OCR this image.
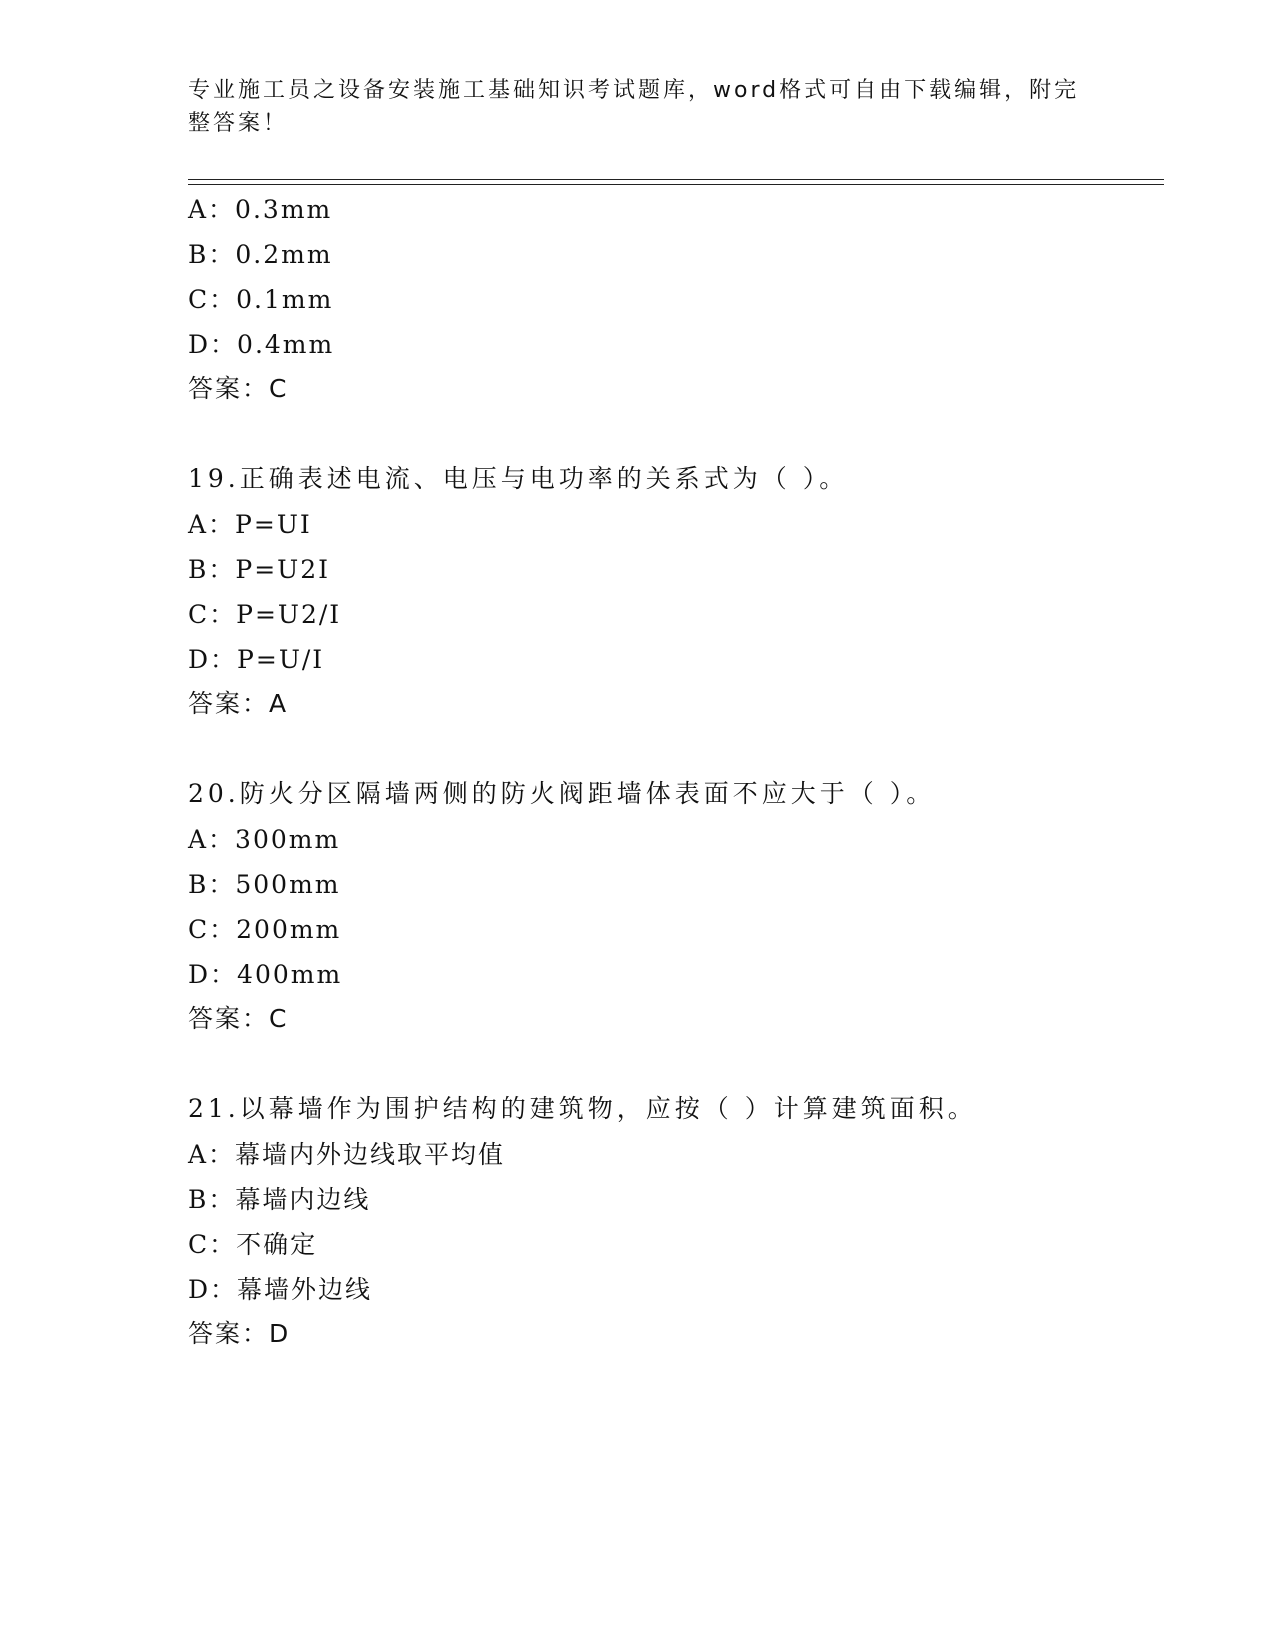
专业施工员之设备安装施工基础知识考试题库，word格式可自由下载编辑，附完
整答案！
A：0.3mm
B：0.2mm
C：0.1mm
D：0.4mm
答案：C
19.正确表述电流、电压与电功率的关系式为（ ）。
A：P=UI
B：P=U2I
C：P=U2/I
D：P=U/I
答案：A
20.防火分区隔墙两侧的防火阀距墙体表面不应大于（ ）。
A：300mm
B：500mm
C：200mm
D：400mm
答案：C
21.以幕墙作为围护结构的建筑物，应按（ ）计算建筑面积。
A：幕墙内外边线取平均值
B：幕墙内边线
C：不确定
D：幕墙外边线
答案：D
